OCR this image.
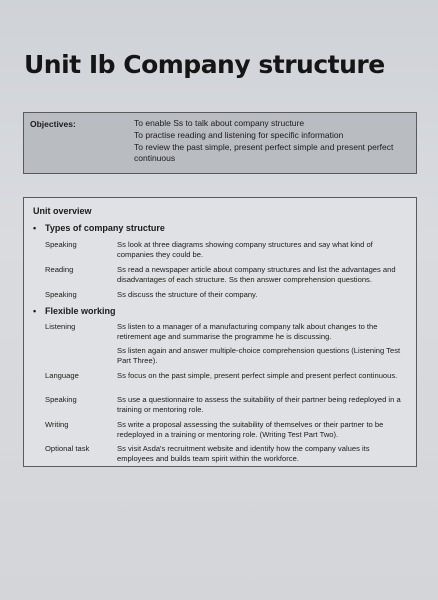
Unit Ib Company structure
Objectives:	To enable Ss to talk about company structure
To practise reading and listening for specific information
To review the past simple, present perfect simple and present perfect continuous
Unit overview
• Types of company structure
Speaking	Ss look at three diagrams showing company structures and say what kind of companies they could be.
Reading	Ss read a newspaper article about company structures and list the advantages and disadvantages of each structure. Ss then answer comprehension questions.
Speaking	Ss discuss the structure of their company.
• Flexible working
Listening	Ss listen to a manager of a manufacturing company talk about changes to the retirement age and summarise the programme he is discussing.
Ss listen again and answer multiple-choice comprehension questions (Listening Test Part Three).
Language	Ss focus on the past simple, present perfect simple and present perfect continuous.
Speaking	Ss use a questionnaire to assess the suitability of their partner being redeployed in a training or mentoring role.
Writing	Ss write a proposal assessing the suitability of themselves or their partner to be redeployed in a training or mentoring role. (Writing Test Part Two).
Optional task	Ss visit Asda's recruitment website and identify how the company values its employees and builds team spirit within the workforce.
